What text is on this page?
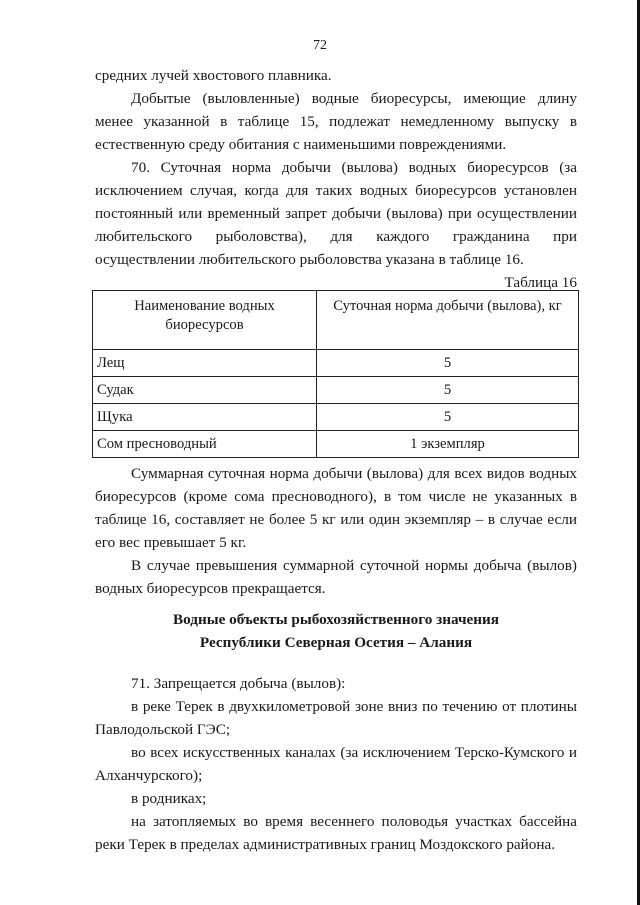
72

средних лучей хвостового плавника.

Добытые (выловленные) водные биоресурсы, имеющие длину менее указанной в таблице 15, подлежат немедленному выпуску в естественную среду обитания с наименьшими повреждениями.

70. Суточная норма добычи (вылова) водных биоресурсов (за исключением случая, когда для таких водных биоресурсов установлен постоянный или временный запрет добычи (вылова) при осуществлении любительского рыболовства), для каждого гражданина при осуществлении любительского рыболовства указана в таблице 16.

Таблица 16

Наименование водных биоресурсов	Суточная норма добычи (вылова), кг
Лещ	5
Судак	5
Щука	5
Сом пресноводный	1 экземпляр

Суммарная суточная норма добычи (вылова) для всех видов водных биоресурсов (кроме сома пресноводного), в том числе не указанных в таблице 16, составляет не более 5 кг или один экземпляр – в случае если его вес превышает 5 кг.

В случае превышения суммарной суточной нормы добыча (вылов) водных биоресурсов прекращается.

Водные объекты рыбохозяйственного значения

Республики Северная Осетия – Алания

71. Запрещается добыча (вылов):

в реке Терек в двухкилометровой зоне вниз по течению от плотины Павлодольской ГЭС;

во всех искусственных каналах (за исключением Терско-Кумского и Алханчурского);

в родниках;

на затопляемых во время весеннего половодья участках бассейна реки Терек в пределах административных границ Моздокского района.
